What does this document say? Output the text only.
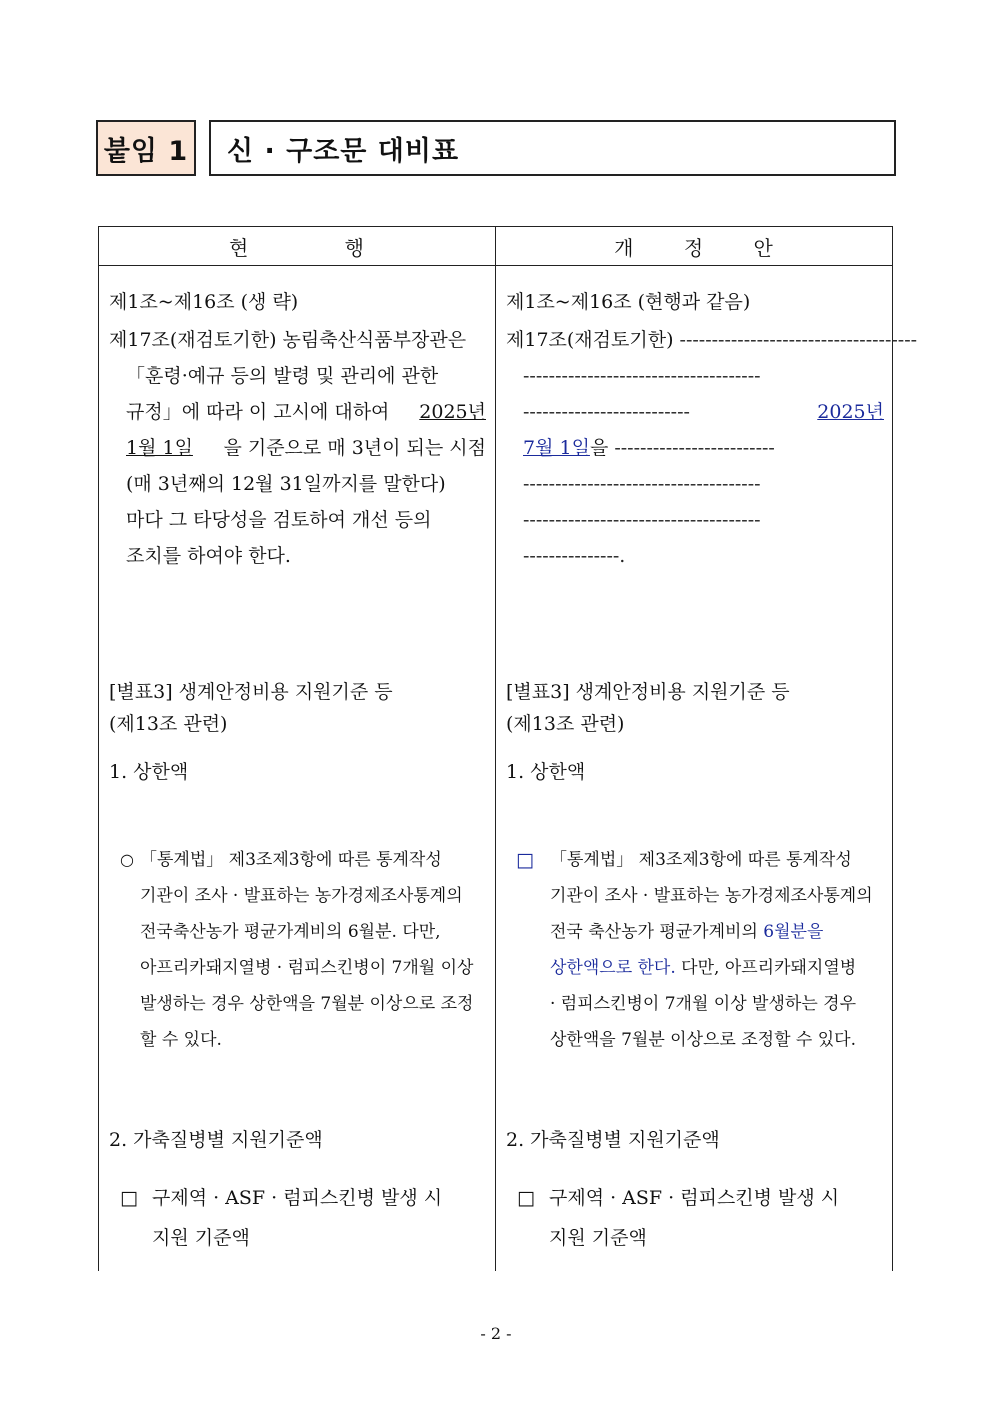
붙임 1 신 · 구조문 대비표
현 행	개 정 안
제1조~제16조 (생 략)
제17조(재검토기한) 농림축산식품부장관은
「훈령·예규 등의 발령 및 관리에 관한
규정」에 따라 이 고시에 대하여 2025년
1월 1일 을 기준으로 매 3년이 되는 시점
(매 3년째의 12월 31일까지를 말한다)
마다 그 타당성을 검토하여 개선 등의
조치를 하여야 한다.
[별표3] 생계안정비용 지원기준 등
(제13조 관련)
1. 상한액
○ 「통계법」 제3조제3항에 따른 통계작성
기관이 조사 · 발표하는 농가경제조사통계의
전국축산농가 평균가계비의 6월분. 다만,
아프리카돼지열병 · 럼피스킨병이 7개월 이상
발생하는 경우 상한액을 7월분 이상으로 조정
할 수 있다.
2. 가축질병별 지원기준액
□ 구제역 · ASF · 럼피스킨병 발생 시
지원 기준액
제1조~제16조 (현행과 같음)
제17조(재검토기한) -------------------------------------
-------------------------------------
--------------------------	2025년
7월 1일을 -------------------------
-------------------------------------
-------------------------------------
---------------.
[별표3] 생계안정비용 지원기준 등
(제13조 관련)
1. 상한액
□ 「통계법」 제3조제3항에 따른 통계작성
기관이 조사 · 발표하는 농가경제조사통계의
전국 축산농가 평균가계비의 6월분을
상한액으로 한다. 다만, 아프리카돼지열병
· 럼피스킨병이 7개월 이상 발생하는 경우
상한액을 7월분 이상으로 조정할 수 있다.
2. 가축질병별 지원기준액
□ 구제역 · ASF · 럼피스킨병 발생 시
지원 기준액
- 2 -
